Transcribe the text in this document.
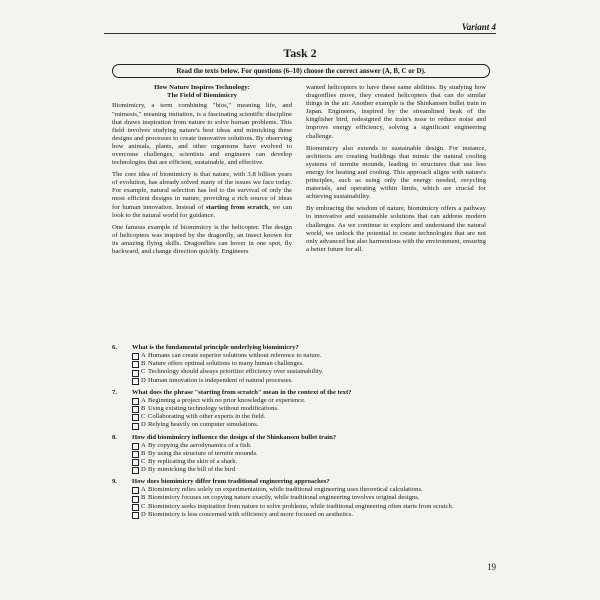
Variant 4
Task 2
Read the texts below. For questions (6–10) choose the correct answer (A, B, C or D).
How Nature Inspires Technology:
The Field of Biomimicry

Biomimicry, a term combining "bios," meaning life, and "mimesis," meaning imitation, is a fascinating scientific discipline that draws inspiration from nature to solve human problems. This field involves studying nature's best ideas and mimicking these designs and processes to create innovative solutions. By observing how animals, plants, and other organisms have evolved to overcome challenges, scientists and engineers can develop technologies that are efficient, sustainable, and effective.

The core idea of biomimicry is that nature, with 3.8 billion years of evolution, has already solved many of the issues we face today. For example, natural selection has led to the survival of only the most efficient designs in nature, providing a rich source of ideas for human innovation. Instead of starting from scratch, we can look to the natural world for guidance.

One famous example of biomimicry is the helicopter. The design of helicopters was inspired by the dragonfly, an insect known for its amazing flying skills. Dragonflies can hover in one spot, fly backward, and change direction quickly. Engineers

wanted helicopters to have these same abilities. By studying how dragonflies move, they created helicopters that can do similar things in the air. Another example is the Shinkansen bullet train in Japan. Engineers, inspired by the streamlined beak of the kingfisher bird, redesigned the train's nose to reduce noise and improve energy efficiency, solving a significant engineering challenge.

Biomimicry also extends to sustainable design. For instance, architects are creating buildings that mimic the natural cooling systems of termite mounds, leading to structures that use less energy for heating and cooling. This approach aligns with nature's principles, such as using only the energy needed, recycling materials, and operating within limits, which are crucial for achieving sustainability.

By embracing the wisdom of nature, biomimicry offers a pathway to innovative and sustainable solutions that can address modern challenges. As we continue to explore and understand the natural world, we unlock the potential to create technologies that are not only advanced but also harmonious with the environment, ensuring a better future for all.

6.	What is the fundamental principle underlying biomimicry?
A Humans can create superior solutions without reference to nature.
B Nature offers optimal solutions to many human challenges.
C Technology should always prioritize efficiency over sustainability.
D Human innovation is independent of natural processes.
7.	What does the phrase "starting from scratch" mean in the context of the text?
A Beginning a project with no prior knowledge or experience.
B Using existing technology without modifications.
C Collaborating with other experts in the field.
D Relying heavily on computer simulations.
8.	How did biomimicry influence the design of the Shinkansen bullet train?
A By copying the aerodynamics of a fish.
B By using the structure of termite mounds.
C By replicating the skin of a shark.
D By mimicking the bill of the bird
9.	How does biomimicry differ from traditional engineering approaches?
A Biomimicry relies solely on experimentation, while traditional engineering uses theoretical calculations.
B Biomimicry focuses on copying nature exactly, while traditional engineering involves original designs.
C Biomimicry seeks inspiration from nature to solve problems, while traditional engineering often starts from scratch.
D Biomimicry is less concerned with efficiency and more focused on aesthetics.
19
